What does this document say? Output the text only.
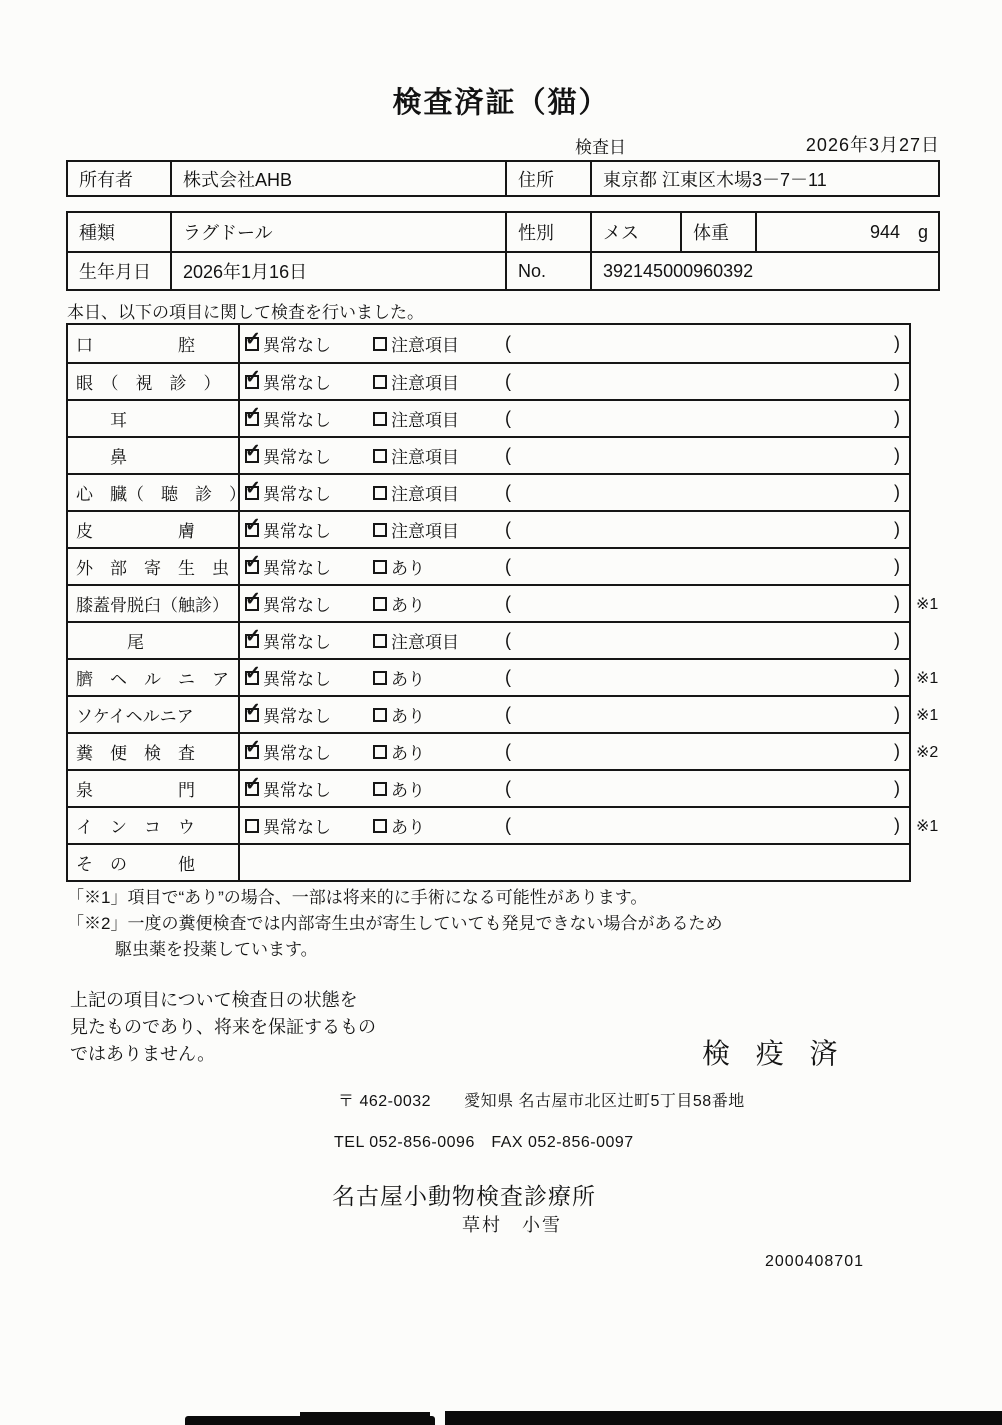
検査済証（猫）
検査日	2026年3月27日
所有者	株式会社AHB	住所	東京都 江東区木場3－7－11
種類	ラグドール	性別	メス	体重	944 g
生年月日	2026年1月16日	No.	392145000960392
本日、以下の項目に関して検査を行いました。
口　　　　　腔 ✓	異常なし	注意項目	(	)
眼　（　視　診　） ✓	異常なし	注意項目	(	)
　　耳 ✓	異常なし	注意項目	(	)
　　鼻 ✓	異常なし	注意項目	(	)
心　臓（　聴　診　） ✓ 異常なし	注意項目	(	)
皮　　　　　膚 ✓	異常なし	注意項目	(	)
外　部　寄　生　虫 ✓	異常なし	あり	(	)
膝蓋骨脱臼（触診） ✓	異常なし	あり	(	) ※1
　　　尾 ✓	異常なし	注意項目	(	)
臍　ヘ　ル　ニ　ア ✓	異常なし	あり	(	) ※1
ソケイヘルニア ✓	異常なし	あり	(	) ※1
糞　便　検　査 ✓	異常なし	あり	(	) ※2
泉　　　　　門 ✓	異常なし	あり	(	)
イ　ン　コ　ウ	異常なし	あり	(	) ※1
そ　の　　　他
「※1」項目で“あり”の場合、一部は将来的に手術になる可能性があります。
「※2」一度の糞便検査では内部寄生虫が寄生していても発見できない場合があるため
駆虫薬を投薬しています。
上記の項目について検査日の状態を
見たものであり、将来を保証するもの
ではありません。	検 疫 済
〒 462-0032　　愛知県 名古屋市北区辻町5丁目58番地
TEL 052-856-0096　FAX 052-856-0097
名古屋小動物検査診療所
草村　小雪
2000408701
